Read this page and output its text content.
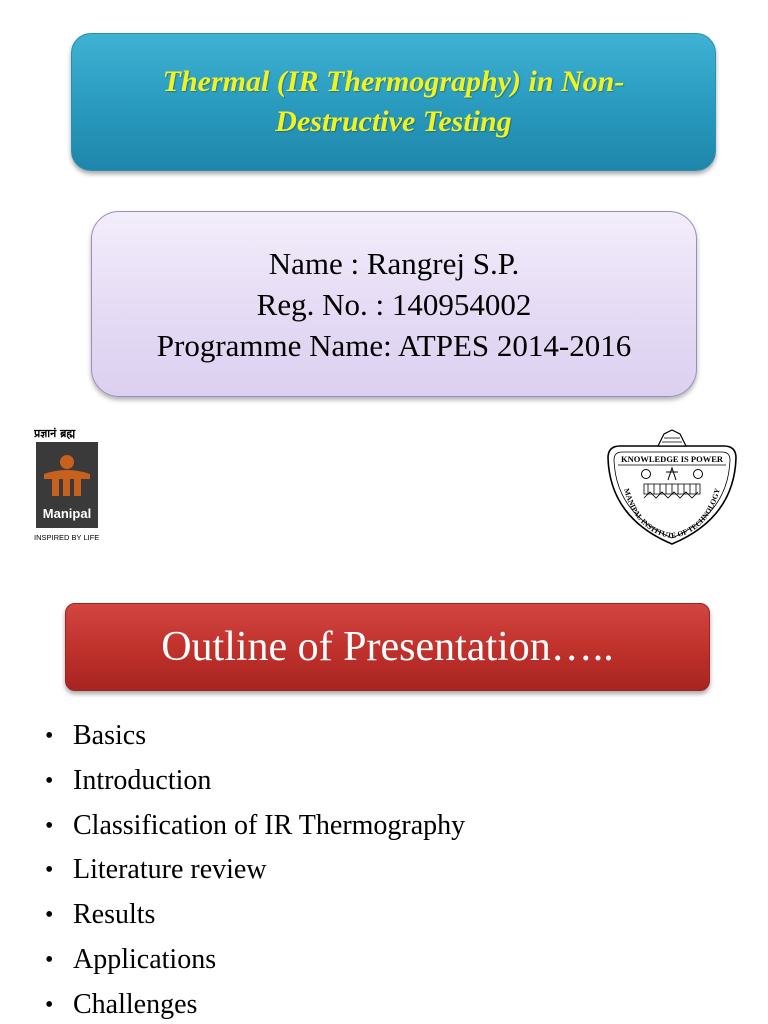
Thermal (IR Thermography) in Non-
Destructive Testing
Name : Rangrej S.P.
Reg. No. : 140954002
Programme Name: ATPES 2014-2016
प्रज्ञानं ब्रह्म
Manipal
INSPIRED BY LIFE
KNOWLEDGE IS POWER
MANIPAL INSTITUTE OF TECHNOLOGY
Outline of Presentation…..
• Basics
• Introduction
• Classification of IR Thermography
• Literature review
• Results
• Applications
• Challenges
